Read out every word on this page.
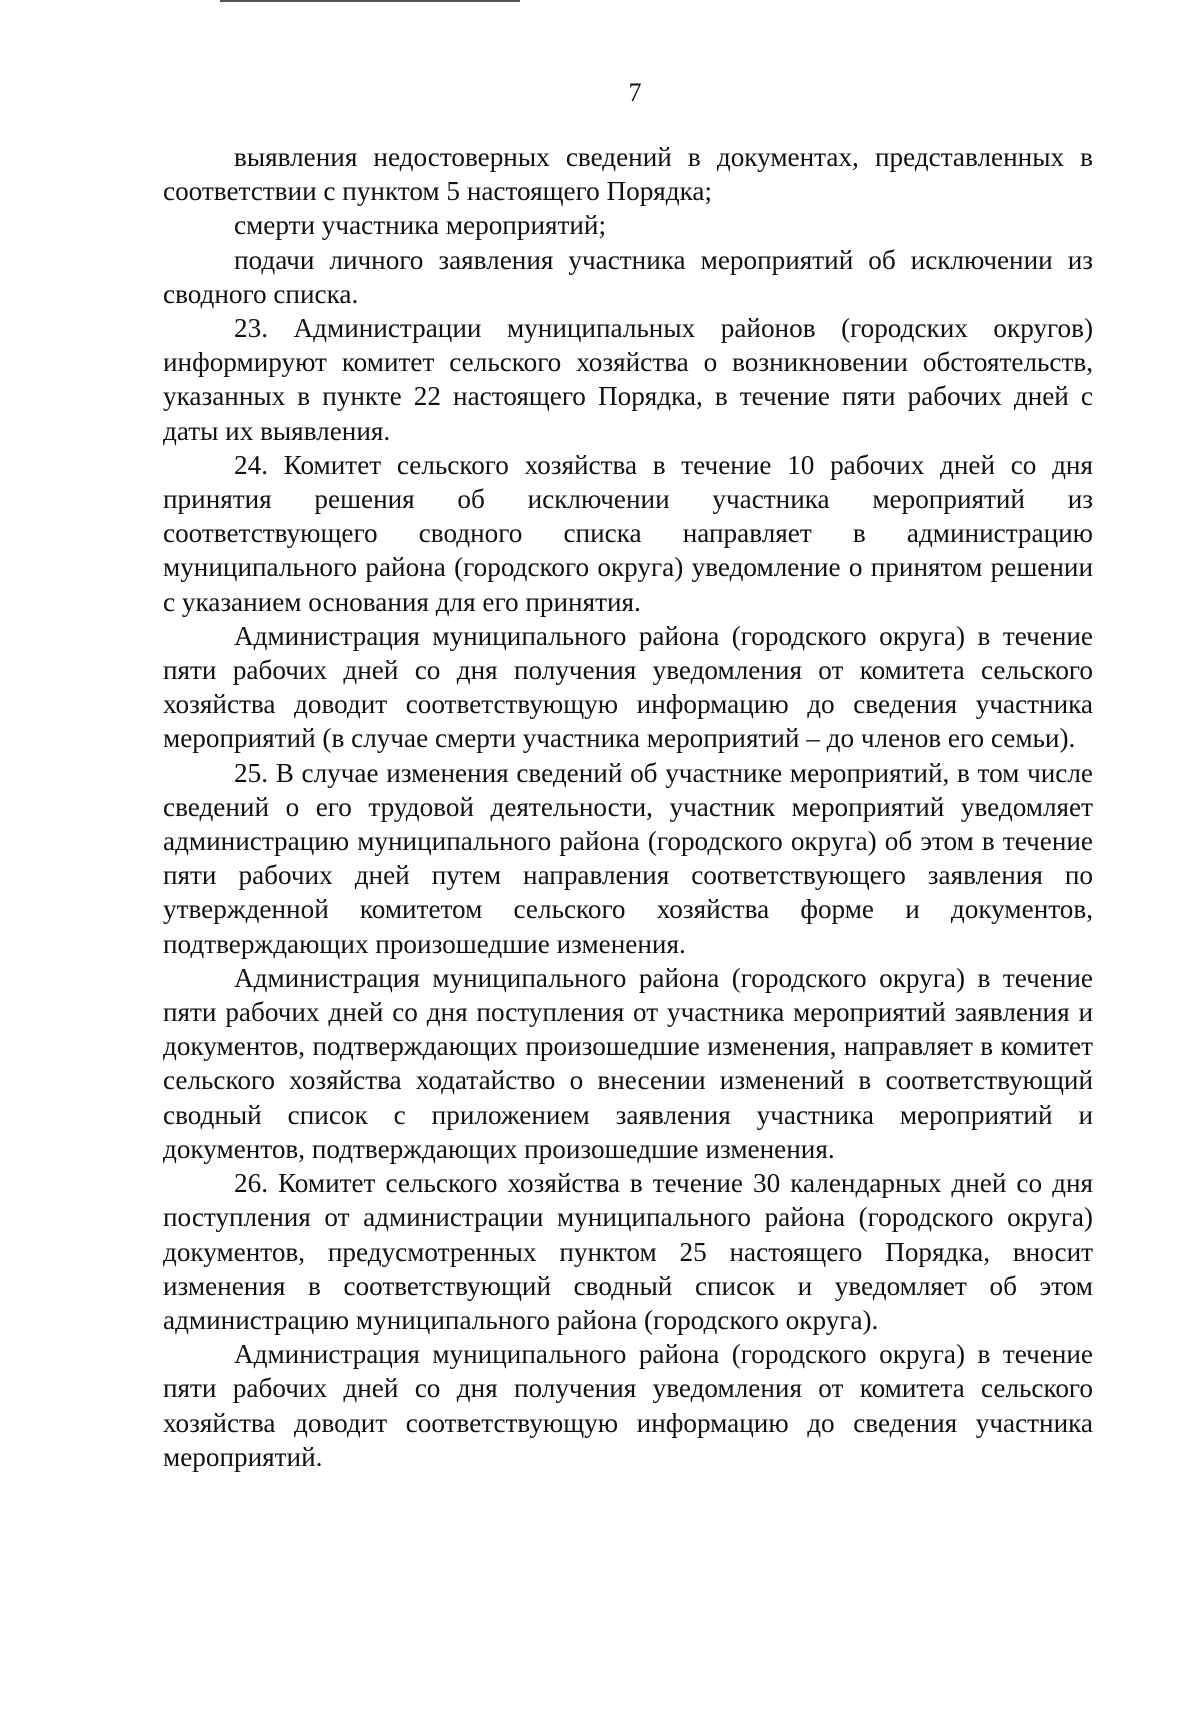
7

выявления недостоверных сведений в документах, представленных в соответствии с пунктом 5 настоящего Порядка;

смерти участника мероприятий;

подачи личного заявления участника мероприятий об исключении из сводного списка.

23. Администрации муниципальных районов (городских округов) информируют комитет сельского хозяйства о возникновении обстоятельств, указанных в пункте 22 настоящего Порядка, в течение пяти рабочих дней с даты их выявления.

24. Комитет сельского хозяйства в течение 10 рабочих дней со дня принятия решения об исключении участника мероприятий из соответствующего сводного списка направляет в администрацию муниципального района (городского округа) уведомление о принятом решении с указанием основания для его принятия.

Администрация муниципального района (городского округа) в течение пяти рабочих дней со дня получения уведомления от комитета сельского хозяйства доводит соответствующую информацию до сведения участника мероприятий (в случае смерти участника мероприятий – до членов его семьи).

25. В случае изменения сведений об участнике мероприятий, в том числе сведений о его трудовой деятельности, участник мероприятий уведомляет администрацию муниципального района (городского округа) об этом в течение пяти рабочих дней путем направления соответствующего заявления по утвержденной комитетом сельского хозяйства форме и документов, подтверждающих произошедшие изменения.

Администрация муниципального района (городского округа) в течение пяти рабочих дней со дня поступления от участника мероприятий заявления и документов, подтверждающих произошедшие изменения, направляет в комитет сельского хозяйства ходатайство о внесении изменений в соответствующий сводный список с приложением заявления участника мероприятий и документов, подтверждающих произошедшие изменения.

26. Комитет сельского хозяйства в течение 30 календарных дней со дня поступления от администрации муниципального района (городского округа) документов, предусмотренных пунктом 25 настоящего Порядка, вносит изменения в соответствующий сводный список и уведомляет об этом администрацию муниципального района (городского округа).

Администрация муниципального района (городского округа) в течение пяти рабочих дней со дня получения уведомления от комитета сельского хозяйства доводит соответствующую информацию до сведения участника мероприятий.
